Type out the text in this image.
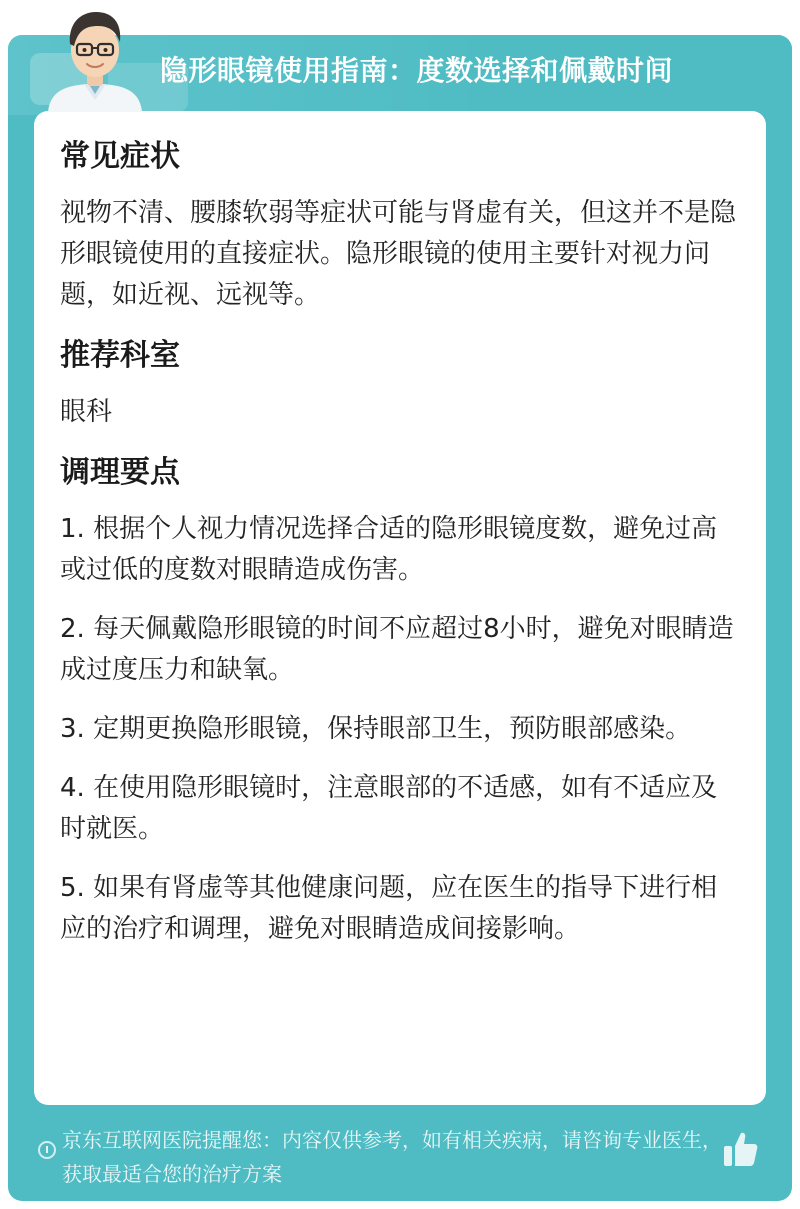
隐形眼镜使用指南：度数选择和佩戴时间
常见症状
视物不清、腰膝软弱等症状可能与肾虚有关，但这并不是隐形眼镜使用的直接症状。隐形眼镜的使用主要针对视力问题，如近视、远视等。
推荐科室
眼科
调理要点
1. 根据个人视力情况选择合适的隐形眼镜度数，避免过高或过低的度数对眼睛造成伤害。
2. 每天佩戴隐形眼镜的时间不应超过8小时，避免对眼睛造成过度压力和缺氧。
3. 定期更换隐形眼镜，保持眼部卫生，预防眼部感染。
4. 在使用隐形眼镜时，注意眼部的不适感，如有不适应及时就医。
5. 如果有肾虚等其他健康问题，应在医生的指导下进行相应的治疗和调理，避免对眼睛造成间接影响。
京东互联网医院提醒您：内容仅供参考，如有相关疾病，请咨询专业医生，获取最适合您的治疗方案
